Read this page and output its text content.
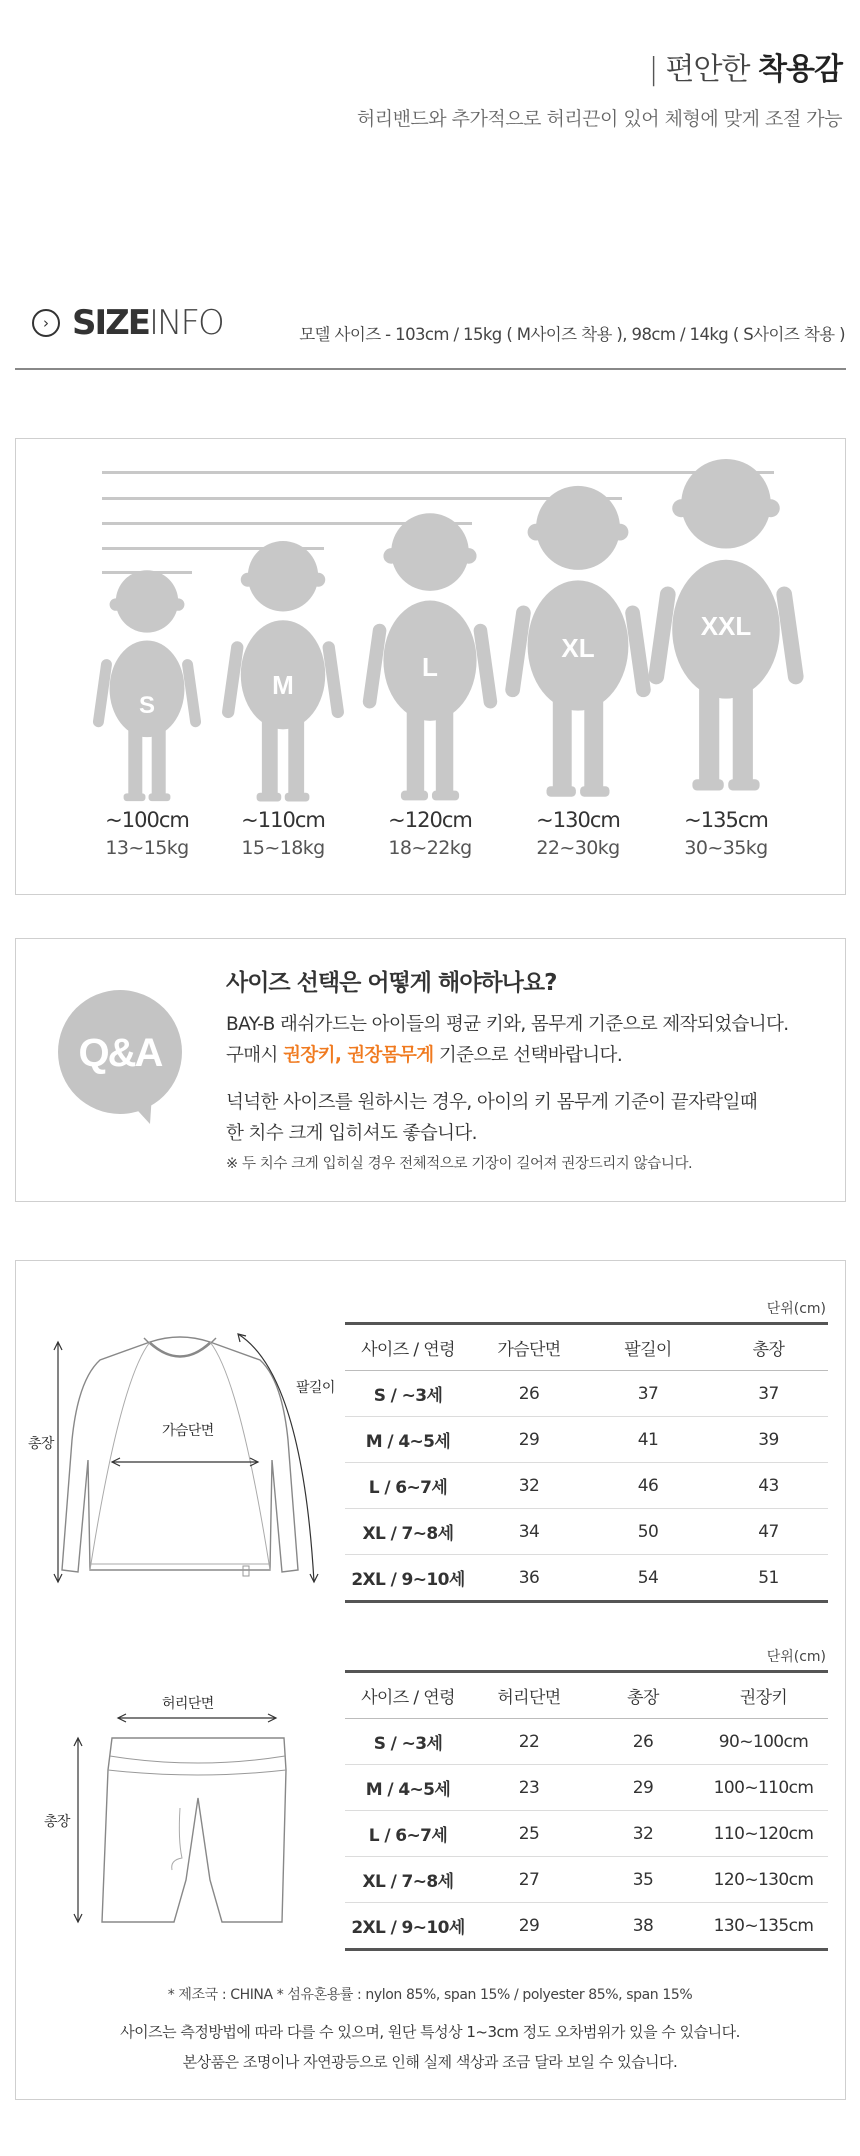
| 편안한 착용감
허리밴드와 추가적으로 허리끈이 있어 체형에 맞게 조절 가능
› SIZEINFO	모델 사이즈 - 103cm / 15kg ( M사이즈 착용 ), 98cm / 14kg ( S사이즈 착용 )
S
M
L
XL
XXL
~100cm
13~15kg
~110cm
15~18kg
~120cm
18~22kg
~130cm
22~30kg
~135cm
30~35kg
Q&A
사이즈 선택은 어떻게 해야하나요?
BAY-B 래쉬가드는 아이들의 평균 키와, 몸무게 기준으로 제작되었습니다.
구매시 권장키, 권장몸무게 기준으로 선택바랍니다.
넉넉한 사이즈를 원하시는 경우, 아이의 키 몸무게 기준이 끝자락일때
한 치수 크게 입히셔도 좋습니다.
※ 두 치수 크게 입히실 경우 전체적으로 기장이 길어져 권장드리지 않습니다.
총장
가슴단면
팔길이
단위(cm)
사이즈 / 연령	가슴단면	팔길이	총장
S / ~3세	26	37	37
M / 4~5세	29	41	39
L / 6~7세	32	46	43
XL / 7~8세	34	50	47
2XL / 9~10세	36	54	51
허리단면
총장
단위(cm)
사이즈 / 연령	허리단면	총장	권장키
S / ~3세	22	26	90~100cm
M / 4~5세	23	29	100~110cm
L / 6~7세	25	32	110~120cm
XL / 7~8세	27	35	120~130cm
2XL / 9~10세	29	38	130~135cm
* 제조국 : CHINA * 섬유혼용률 : nylon 85%, span 15% / polyester 85%, span 15%
사이즈는 측정방법에 따라 다를 수 있으며, 원단 특성상 1~3cm 정도 오차범위가 있을 수 있습니다.
본상품은 조명이나 자연광등으로 인해 실제 색상과 조금 달라 보일 수 있습니다.
